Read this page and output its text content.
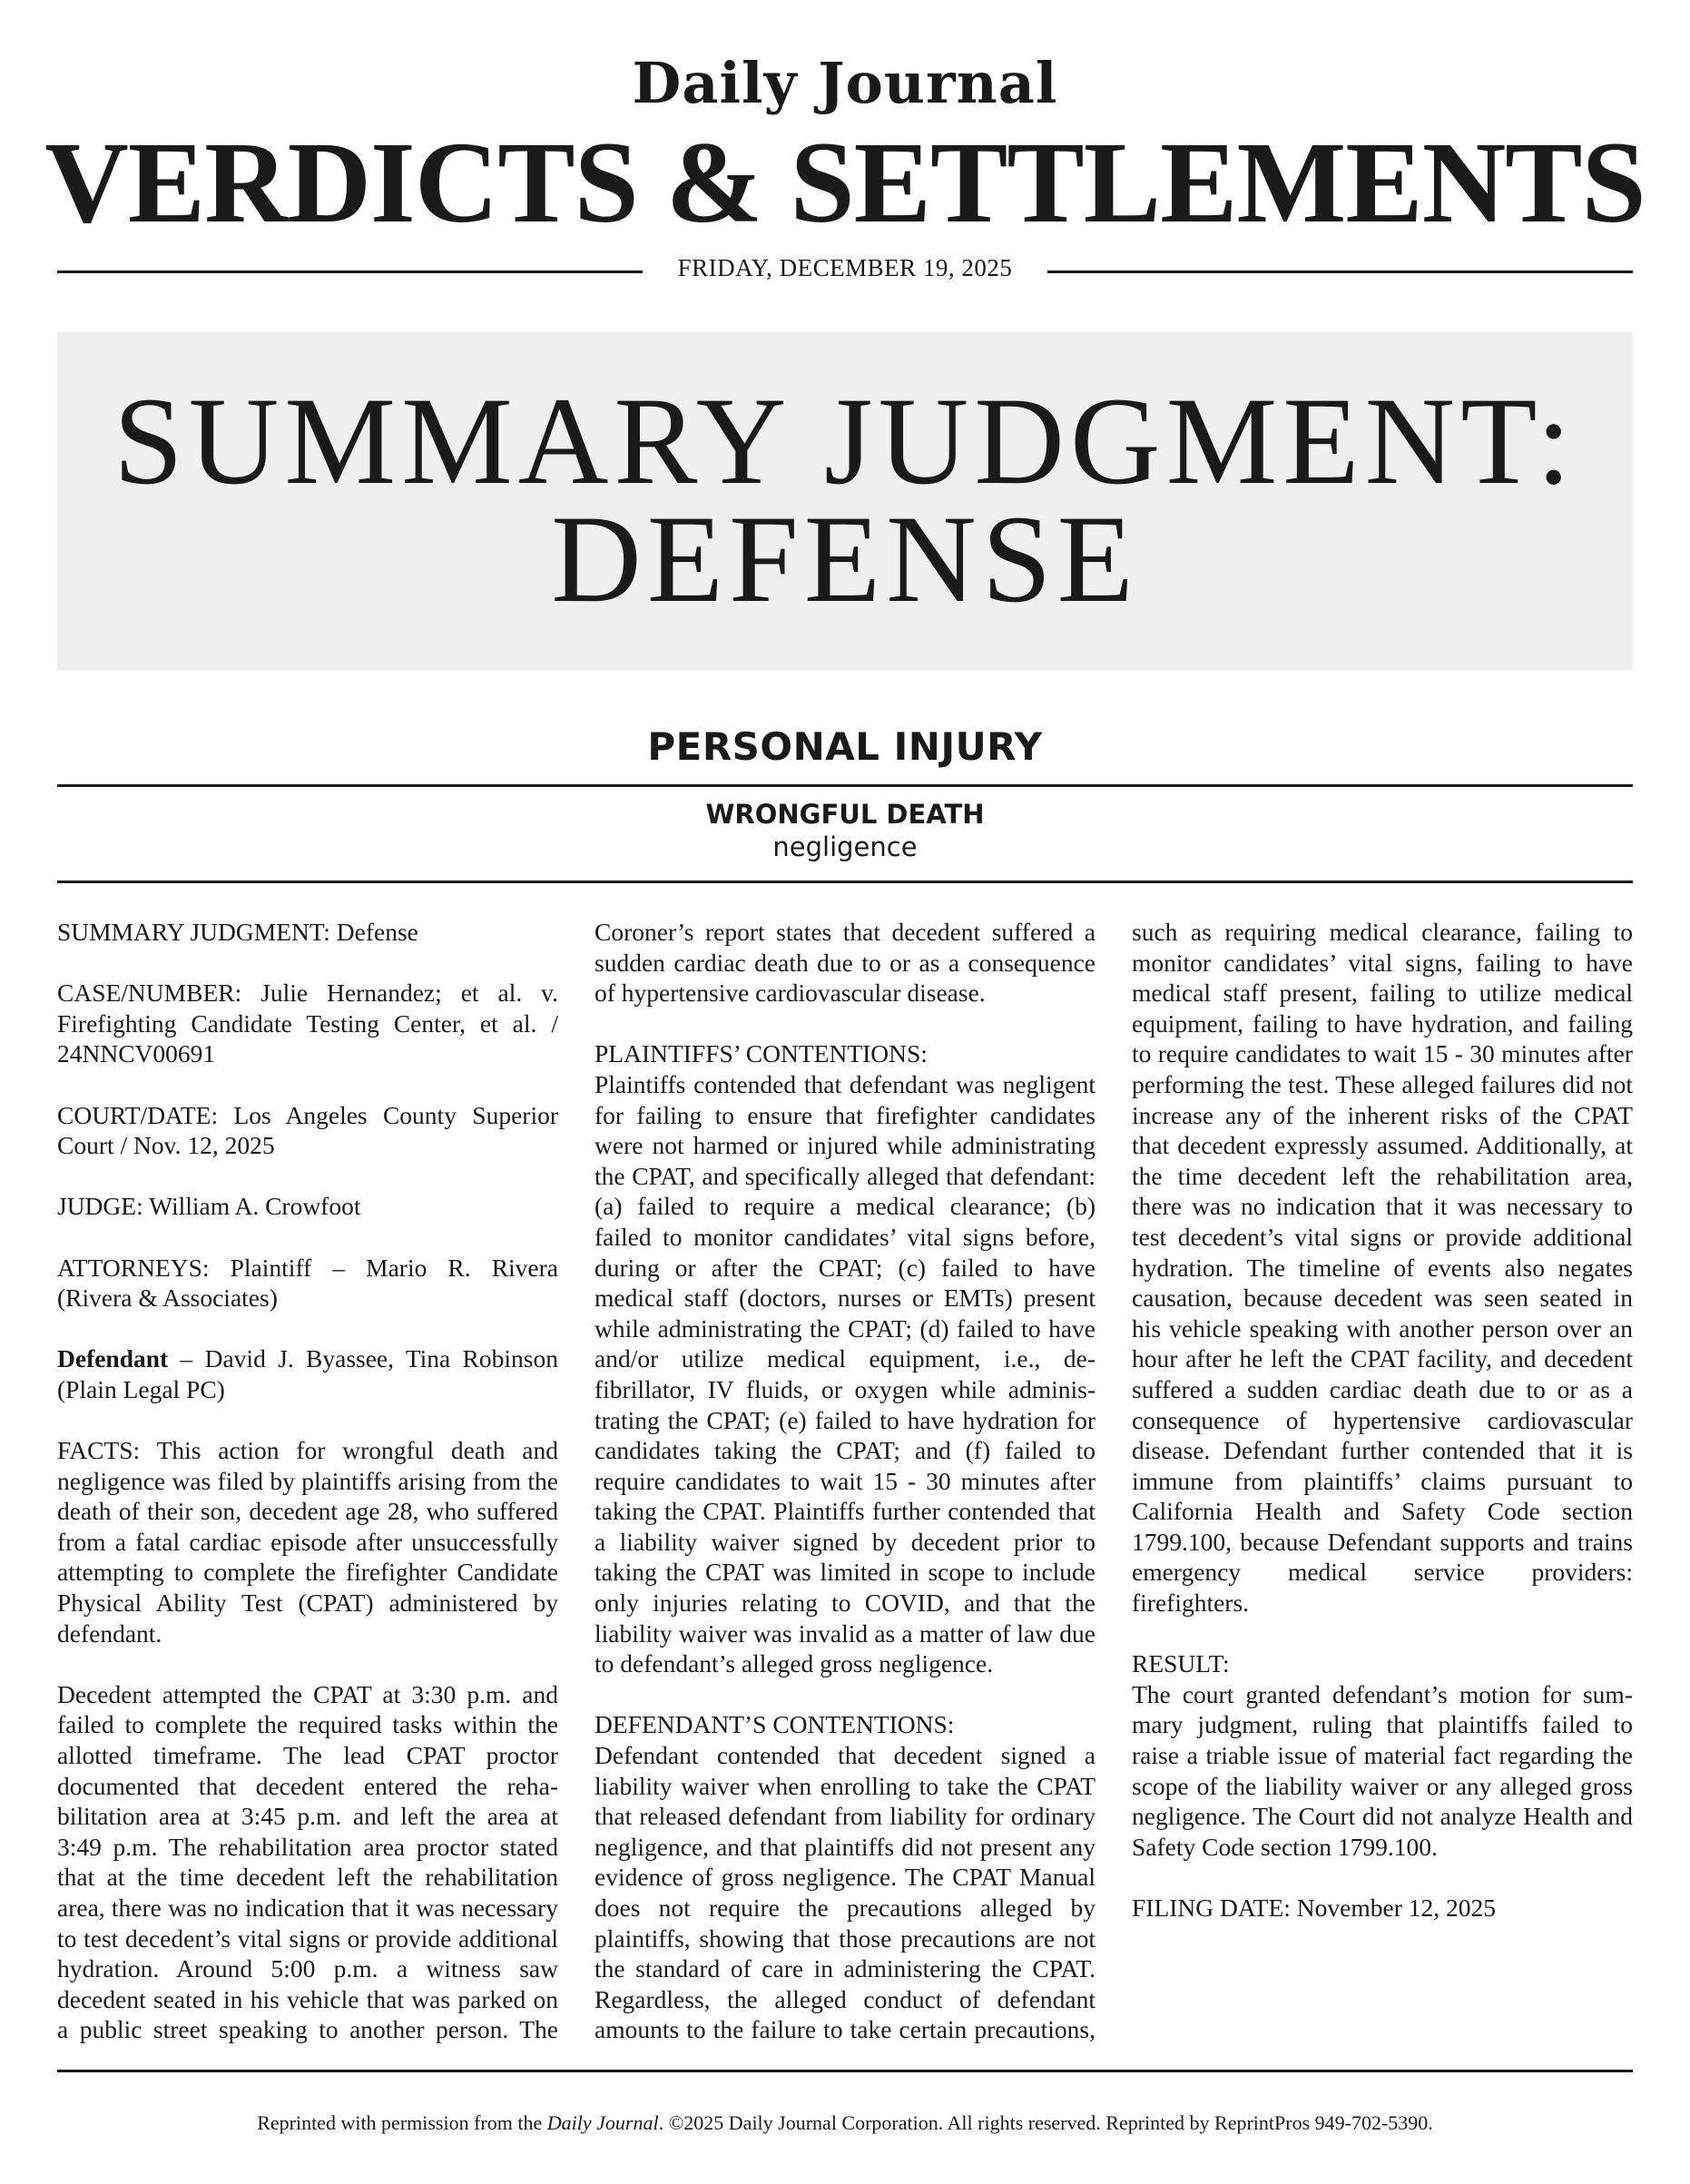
Daily Journal
VERDICTS & SETTLEMENTS
FRIDAY, DECEMBER 19, 2025
SUMMARY JUDGMENT:
DEFENSE
PERSONAL INJURY
WRONGFUL DEATH
negligence

SUMMARY JUDGMENT: Defense

CASE/NUMBER: Julie Hernandez; et al. v. Firefighting Candidate Testing Center, et al. / 24NNCV00691

COURT/DATE: Los Angeles County Superior Court / Nov. 12, 2025

JUDGE: William A. Crowfoot

ATTORNEYS: Plaintiff – Mario R. Rivera (Rivera & Associates)

Defendant – David J. Byassee, Tina Robinson (Plain Legal PC)

FACTS: This action for wrongful death and negligence was filed by plaintiffs arising from the death of their son, decedent age 28, who suffered from a fatal cardiac episode after unsuccessfully attempting to complete the firefighter Candidate Physical Ability Test (CPAT) administered by defendant.

Decedent attempted the CPAT at 3:30 p.m. and failed to complete the required tasks within the allotted timeframe. The lead CPAT proctor documented that decedent entered the rehabilitation area at 3:45 p.m. and left the area at 3:49 p.m. The rehabilitation area proctor stated that at the time decedent left the rehabilitation area, there was no indication that it was necessary to test decedent’s vital signs or provide additional hydration. Around 5:00 p.m. a witness saw decedent seated in his vehicle that was parked on a public street speaking to another person. The Coroner’s report states that decedent suffered a sudden cardiac death due to or as a consequence of hypertensive cardiovascular disease.

PLAINTIFFS’ CONTENTIONS:
Plaintiffs contended that defendant was negligent for failing to ensure that firefighter candidates were not harmed or injured while administrating the CPAT, and specifically alleged that defendant: (a) failed to require a medical clearance; (b) failed to monitor candidates’ vital signs before, during or after the CPAT; (c) failed to have medical staff (doctors, nurses or EMTs) present while administrating the CPAT; (d) failed to have and/or utilize medical equipment, i.e., defibrillator, IV fluids, or oxygen while administrating the CPAT; (e) failed to have hydration for candidates taking the CPAT; and (f) failed to require candidates to wait 15 - 30 minutes after taking the CPAT. Plaintiffs further contended that a liability waiver signed by decedent prior to taking the CPAT was limited in scope to include only injuries relating to COVID, and that the liability waiver was invalid as a matter of law due to defendant’s alleged gross negligence.

DEFENDANT’S CONTENTIONS:
Defendant contended that decedent signed a liability waiver when enrolling to take the CPAT that released defendant from liability for ordinary negligence, and that plaintiffs did not present any evidence of gross negligence. The CPAT Manual does not require the precautions alleged by plaintiffs, showing that those precautions are not the standard of care in administering the CPAT. Regardless, the alleged conduct of defendant amounts to the failure to take certain precautions, such as requiring medical clearance, failing to monitor candidates’ vital signs, failing to have medical staff present, failing to utilize medical equipment, failing to have hydration, and failing to require candidates to wait 15 - 30 minutes after performing the test. These alleged failures did not increase any of the inherent risks of the CPAT that decedent expressly assumed. Additionally, at the time decedent left the rehabilitation area, there was no indication that it was necessary to test decedent’s vital signs or provide additional hydration. The timeline of events also negates causation, because decedent was seen seated in his vehicle speaking with another person over an hour after he left the CPAT facility, and decedent suffered a sudden cardiac death due to or as a consequence of hypertensive cardiovascular disease. Defendant further contended that it is immune from plaintiffs’ claims pursuant to California Health and Safety Code section 1799.100, because Defendant supports and trains emergency medical service providers: firefighters.

RESULT:
The court granted defendant’s motion for summary judgment, ruling that plaintiffs failed to raise a triable issue of material fact regarding the scope of the liability waiver or any alleged gross negligence. The Court did not analyze Health and Safety Code section 1799.100.

FILING DATE: November 12, 2025

Reprinted with permission from the Daily Journal. ©2025 Daily Journal Corporation. All rights reserved. Reprinted by ReprintPros 949-702-5390.
